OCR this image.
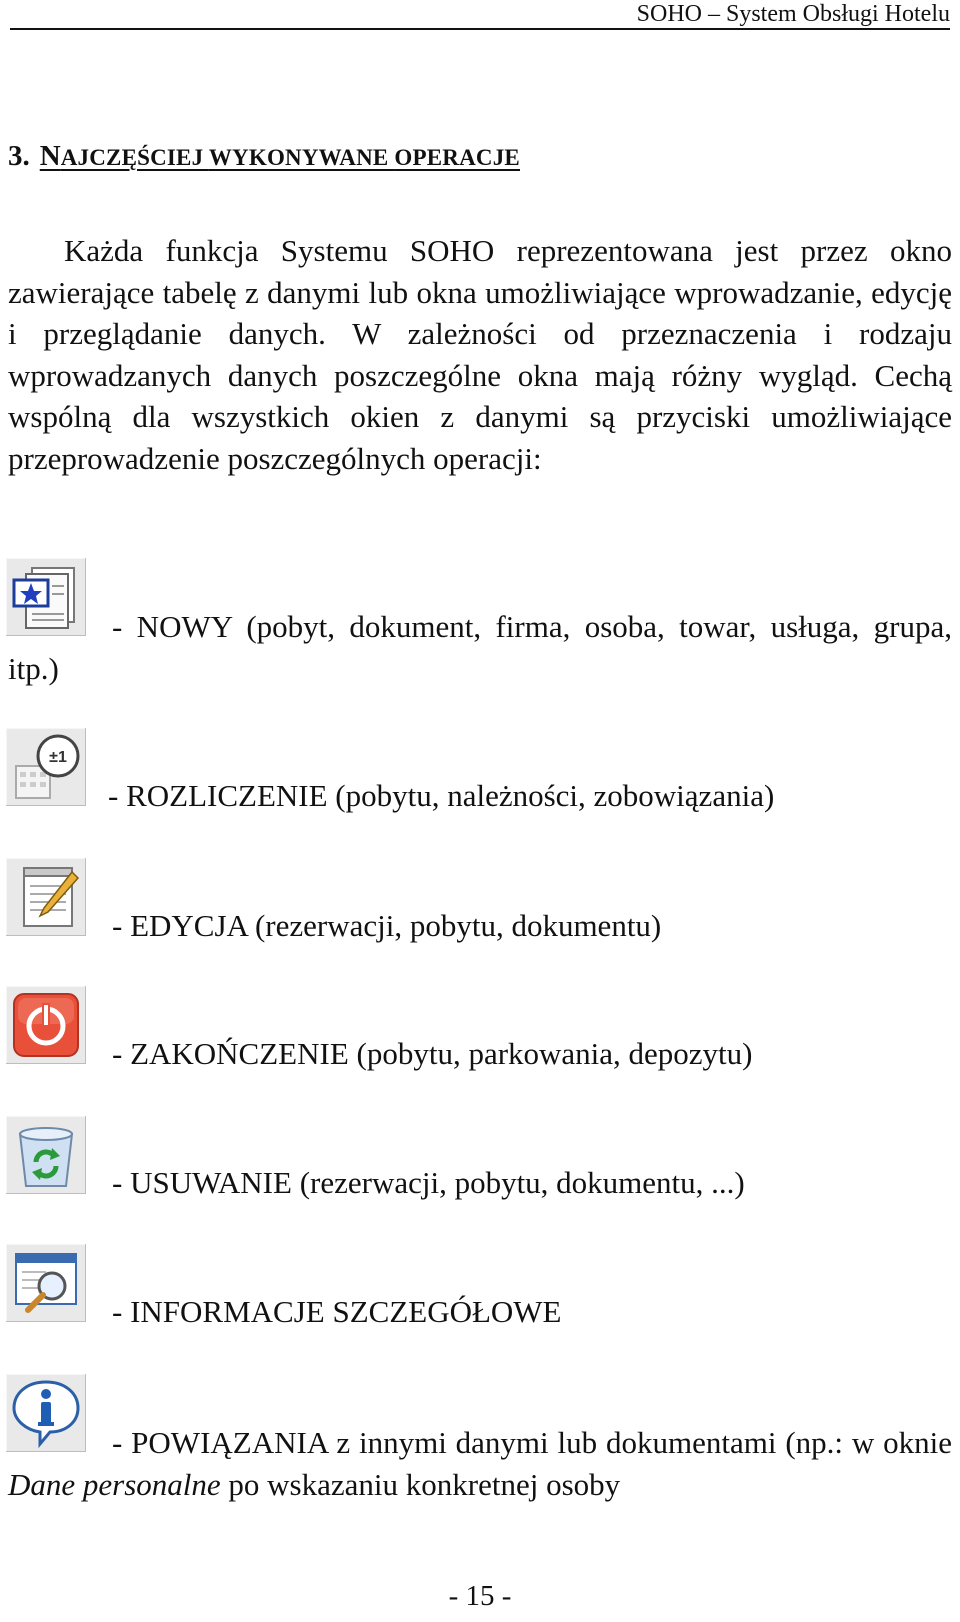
SOHO – System Obsługi Hotelu
3. NAJCZĘŚCIEJ WYKONYWANE OPERACJE
Każda funkcja Systemu SOHO reprezentowana jest przez okno zawierające tabelę z danymi lub okna umożliwiające wprowadzanie, edycję i przeglądanie danych. W zależności od przeznaczenia i rodzaju wprowadzanych danych poszczególne okna mają różny wygląd. Cechą wspólną dla wszystkich okien z danymi są przyciski umożliwiające przeprowadzenie poszczególnych operacji:
- NOWY (pobyt, dokument, firma, osoba, towar, usługa, grupa, itp.)
±1
- ROZLICZENIE (pobytu, należności, zobowiązania)
- EDYCJA (rezerwacji, pobytu, dokumentu)
- ZAKOŃCZENIE (pobytu, parkowania, depozytu)
- USUWANIE (rezerwacji, pobytu, dokumentu, ...)
- INFORMACJE SZCZEGÓŁOWE
- POWIĄZANIA z innymi danymi lub dokumentami (np.: w oknie Dane personalne po wskazaniu konkretnej osoby
- 15 -
